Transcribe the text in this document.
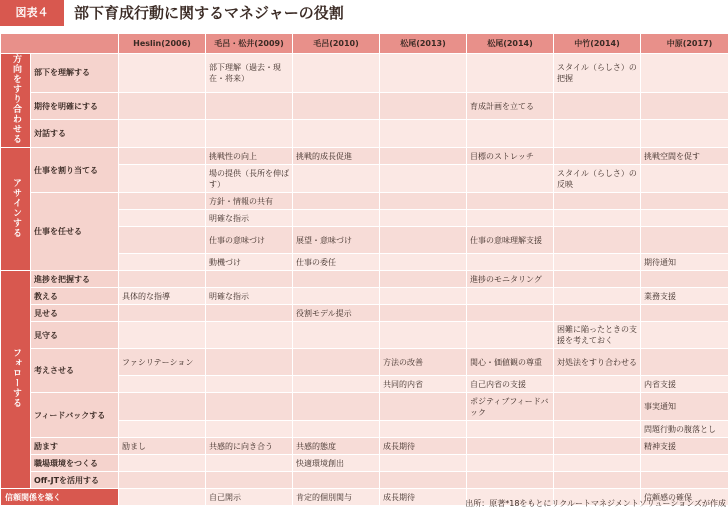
図表４	部下育成行動に関するマネジャーの役割
		Heslin(2006)	毛呂・松井(2009)	毛呂(2010)	松尾(2013)	松尾(2014)	中竹(2014)	中原(2017)
方向をすり合わせる	部下を理解する		部下理解（過去・現在・将来）				スタイル（らしさ）の把握	
	期待を明確にする					育成計画を立てる		
	対話する							
アサインする	仕事を割り当てる		挑戦性の向上	挑戦的成長促進		目標のストレッチ		挑戦空間を促す
			場の提供（長所を伸ばす）				スタイル（らしさ）の反映	
	仕事を任せる		方針・情報の共有					
			明確な指示					
			仕事の意味づけ	展望・意味づけ		仕事の意味理解支援		
			動機づけ	仕事の委任				期待通知
フォローする	進捗を把握する					進捗のモニタリング		
	教える	具体的な指導	明確な指示					業務支援
	見せる			役割モデル提示				
	見守る						困難に陥ったときの支援を考えておく	
	考えさせる	ファシリテーション			方法の改善	関心・価値観の尊重	対処法をすり合わせる	
					共同的内省	自己内省の支援		内省支援
	フィードバックする					ポジティブフィードバック		事実通知
								問題行動の腹落とし
	励ます	励まし	共感的に向き合う	共感的態度	成長期待			精神支援
	職場環境をつくる			快適環境創出				
	Off-JTを活用する							
信頼関係を築く			自己開示	肯定的個別関与	成長期待			信頼感の確保
出所：原著*18をもとにリクルートマネジメントソリューションズが作成
